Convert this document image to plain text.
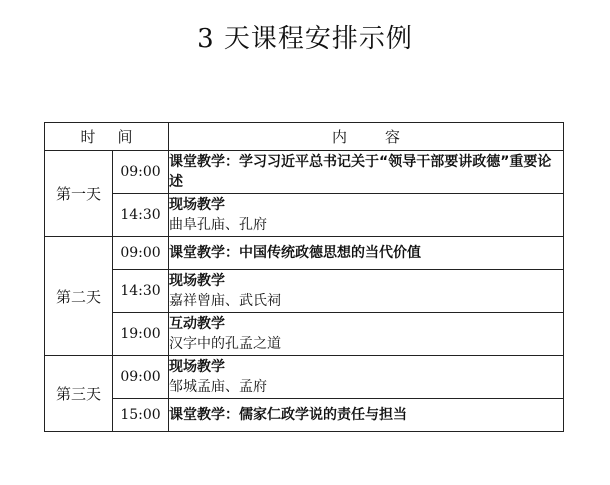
3 天课程安排示例
时间		内容
第一天	09:00	课堂教学：学习习近平总书记关于“领导干部要讲政德”重要论述

	14:30	现场教学
曲阜孔庙、孔府

第二天	09:00	课堂教学：中国传统政德思想的当代价值

	14:30	现场教学
嘉祥曾庙、武氏祠

	19:00	互动教学
汉字中的孔孟之道

第三天	09:00	现场教学
邹城孟庙、孟府

	15:00	课堂教学：儒家仁政学说的责任与担当
